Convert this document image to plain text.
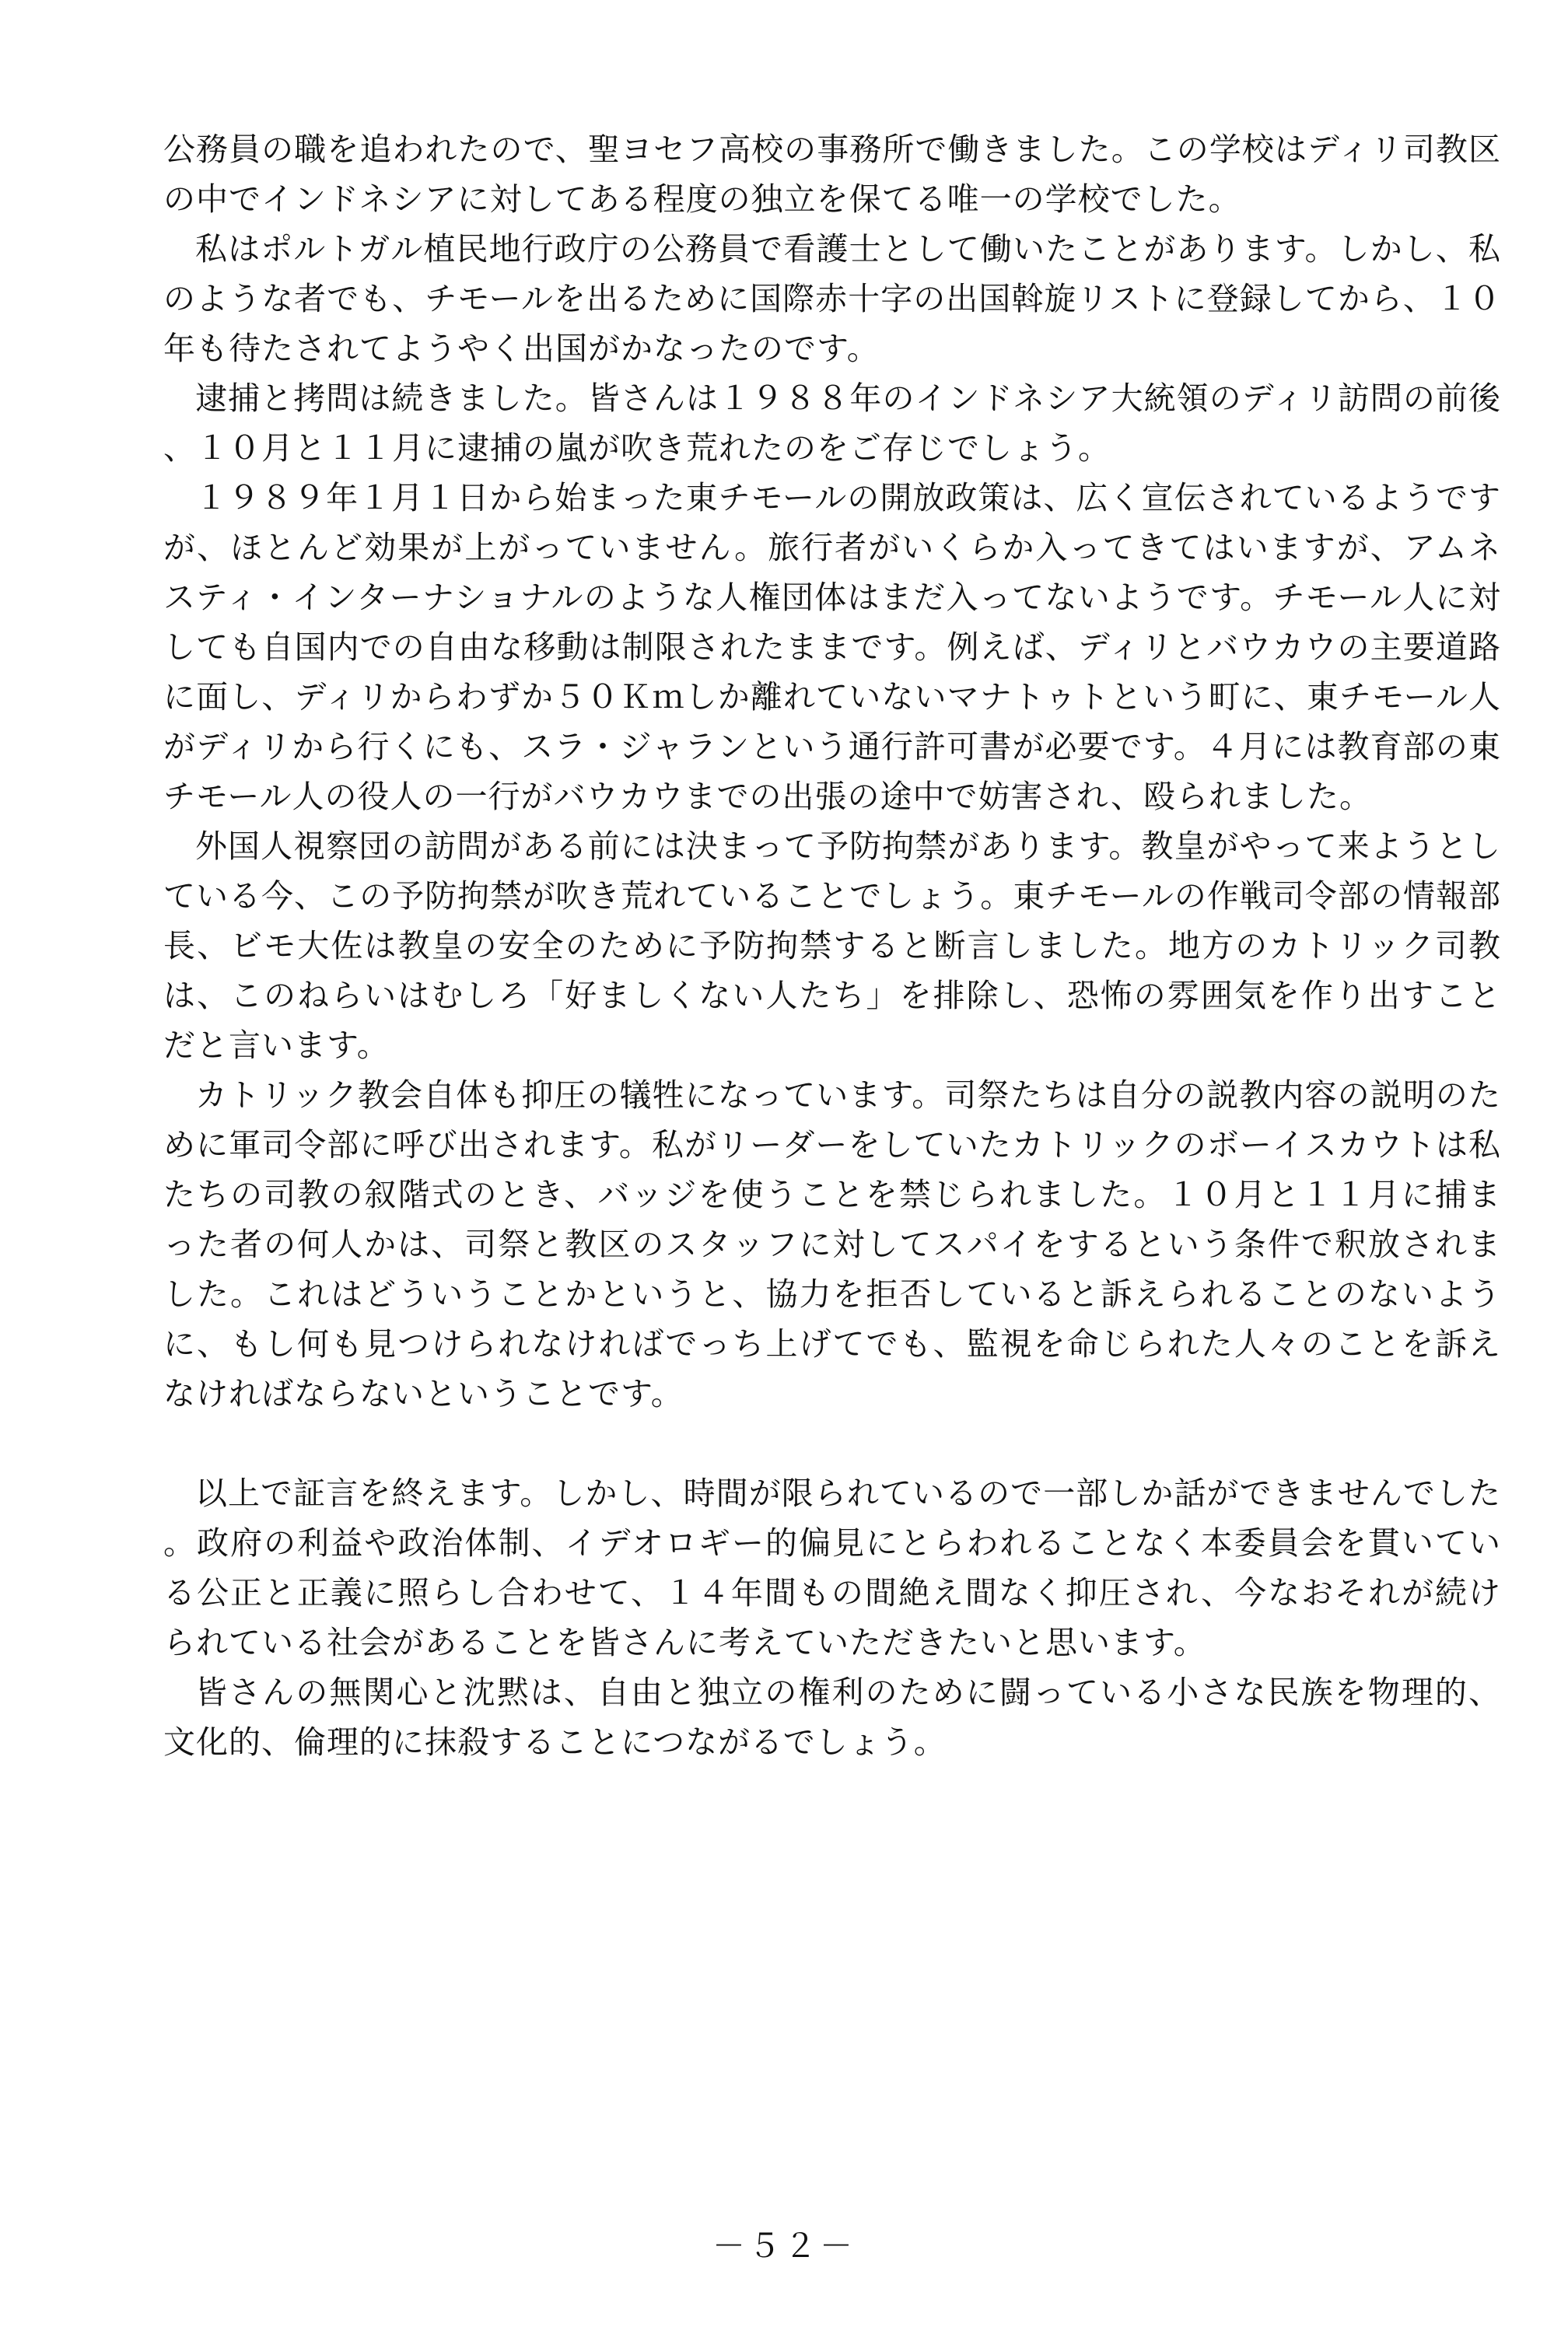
公務員の職を追われたので、聖ヨセフ高校の事務所で働きました。この学校はディリ司教区の中でインドネシアに対してある程度の独立を保てる唯一の学校でした。

私はポルトガル植民地行政庁の公務員で看護士として働いたことがあります。しかし、私のような者でも、チモールを出るために国際赤十字の出国斡旋リストに登録してから、１０年も待たされてようやく出国がかなったのです。

逮捕と拷問は続きました。皆さんは１９８８年のインドネシア大統領のディリ訪問の前後、１０月と１１月に逮捕の嵐が吹き荒れたのをご存じでしょう。

１９８９年１月１日から始まった東チモールの開放政策は、広く宣伝されているようですが、ほとんど効果が上がっていません。旅行者がいくらか入ってきてはいますが、アムネスティ・インターナショナルのような人権団体はまだ入ってないようです。チモール人に対しても自国内での自由な移動は制限されたままです。例えば、ディリとバウカウの主要道路に面し、ディリからわずか５０Ｋｍしか離れていないマナトゥトという町に、東チモール人がディリから行くにも、スラ・ジャランという通行許可書が必要です。４月には教育部の東チモール人の役人の一行がバウカウまでの出張の途中で妨害され、殴られました。

外国人視察団の訪問がある前には決まって予防拘禁があります。教皇がやって来ようとしている今、この予防拘禁が吹き荒れていることでしょう。東チモールの作戦司令部の情報部長、ビモ大佐は教皇の安全のために予防拘禁すると断言しました。地方のカトリック司教は、このねらいはむしろ「好ましくない人たち」を排除し、恐怖の雰囲気を作り出すことだと言います。

カトリック教会自体も抑圧の犠牲になっています。司祭たちは自分の説教内容の説明のために軍司令部に呼び出されます。私がリーダーをしていたカトリックのボーイスカウトは私たちの司教の叙階式のとき、バッジを使うことを禁じられました。１０月と１１月に捕まった者の何人かは、司祭と教区のスタッフに対してスパイをするという条件で釈放されました。これはどういうことかというと、協力を拒否していると訴えられることのないように、もし何も見つけられなければでっち上げてでも、監視を命じられた人々のことを訴えなければならないということです。

以上で証言を終えます。しかし、時間が限られているので一部しか話ができませんでした。政府の利益や政治体制、イデオロギー的偏見にとらわれることなく本委員会を貫いている公正と正義に照らし合わせて、１４年間もの間絶え間なく抑圧され、今なおそれが続けられている社会があることを皆さんに考えていただきたいと思います。

皆さんの無関心と沈黙は、自由と独立の権利のために闘っている小さな民族を物理的、文化的、倫理的に抹殺することにつながるでしょう。

－５２－
